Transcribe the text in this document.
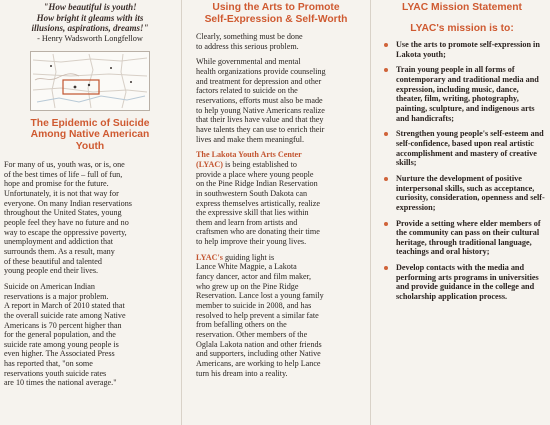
"How beautiful is youth!
How bright it gleams with its
illusions, aspirations, dreams!"
- Henry Wadsworth Longfellow
The Epidemic of Suicide
Among Native American
Youth

For many of us, youth was, or is, one

of the best times of life – full of fun,

hope and promise for the future.

Unfortunately, it is not that way for

everyone. On many Indian reservations

throughout the United States, young

people feel they have no future and no

way to escape the oppressive poverty,

unemployment and addiction that

surrounds them. As a result, many

of these beautiful and talented

young people end their lives.

Suicide on American Indian

reservations is a major problem.

A report in March of 2010 stated that

the overall suicide rate among Native

Americans is 70 percent higher than

for the general population, and the

suicide rate among young people is

even higher. The Associated Press

has reported that, "on some

reservations youth suicide rates

are 10 times the national average."

Using the Arts to Promote
Self-Expression & Self-Worth

Clearly, something must be done

to address this serious problem.

While governmental and mental

health organizations provide counseling

and treatment for depression and other

factors related to suicide on the

reservations, efforts must also be made

to help young Native Americans realize

that their lives have value and that they

have talents they can use to enrich their

lives and make them meaningful.

The Lakota Youth Arts Center

(LYAC) is being established to

provide a place where young people

on the Pine Ridge Indian Reservation

in southwestern South Dakota can

express themselves artistically, realize

the expressive skill that lies within

them and learn from artists and

craftsmen who are donating their time

to help improve their young lives.

LYAC's guiding light is

Lance White Magpie, a Lakota

fancy dancer, actor and film maker,

who grew up on the Pine Ridge

Reservation. Lance lost a young family

member to suicide in 2008, and has

resolved to help prevent a similar fate

from befalling others on the

reservation. Other members of the

Oglala Lakota nation and other friends

and supporters, including other Native

Americans, are working to help Lance

turn his dream into a reality.

LYAC Mission Statement
LYAC's mission is to:
Use the arts to promote self-expression in Lakota youth;
Train young people in all forms of contemporary and traditional media and expression, including music, dance, theater, film, writing, photography, painting, sculpture, and indigenous arts and handicrafts;
Strengthen young people's self-esteem and self-confidence, based upon real artistic accomplishment and mastery of creative skills;
Nurture the development of positive interpersonal skills, such as acceptance, curiosity, consideration, openness and self-expression;
Provide a setting where elder members of the community can pass on their cultural heritage, through traditional language, teachings and oral history;
Develop contacts with the media and performing arts programs in universities and provide guidance in the college and scholarship application process.
